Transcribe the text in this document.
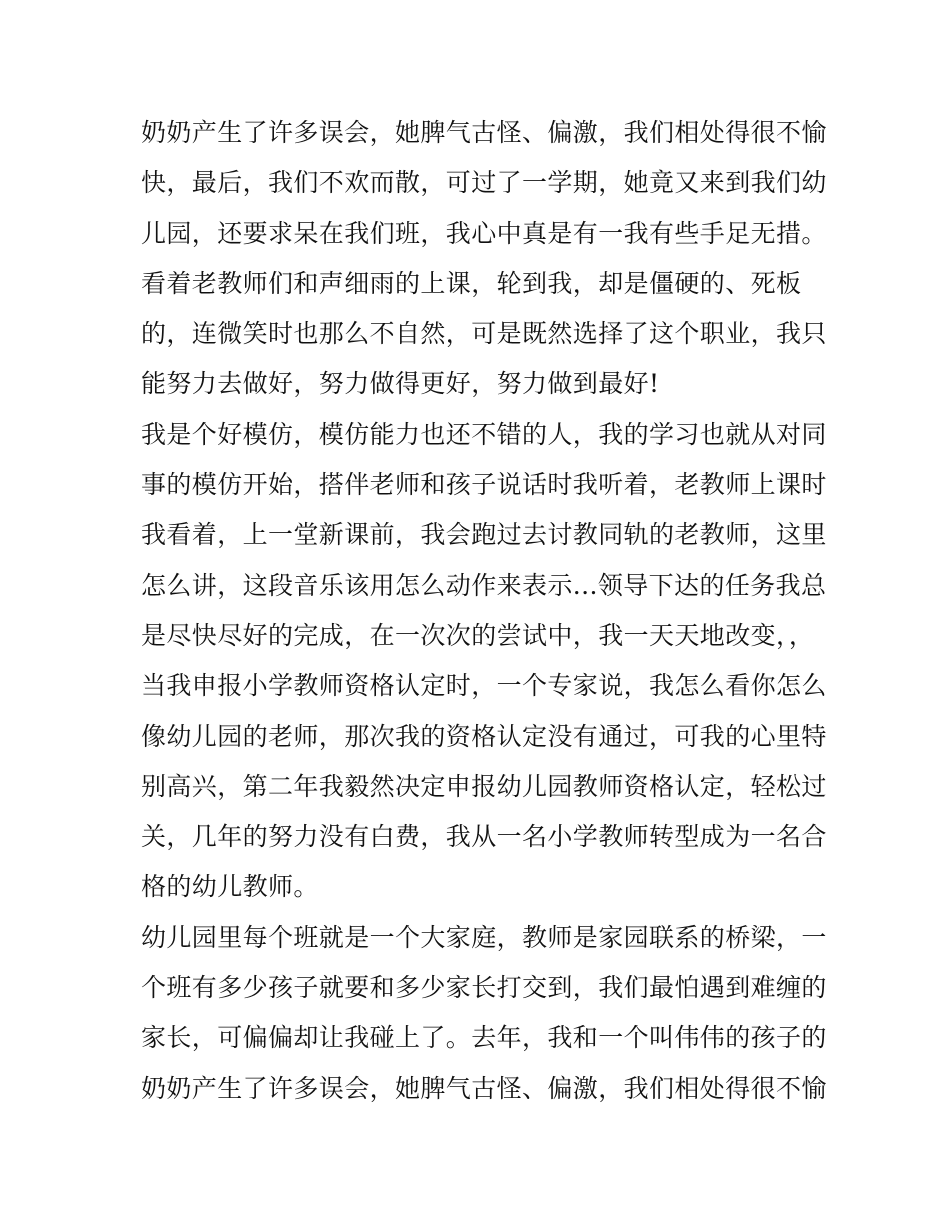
奶奶产生了许多误会，她脾气古怪、偏激，我们相处得很不愉
快，最后，我们不欢而散，可过了一学期，她竟又来到我们幼
儿园，还要求呆在我们班，我心中真是有一我有些手足无措。
看着老教师们和声细雨的上课，轮到我，却是僵硬的、死板
的，连微笑时也那么不自然，可是既然选择了这个职业，我只
能努力去做好，努力做得更好，努力做到最好!
我是个好模仿，模仿能力也还不错的人，我的学习也就从对同
事的模仿开始，搭伴老师和孩子说话时我听着，老教师上课时
我看着，上一堂新课前，我会跑过去讨教同轨的老教师，这里
怎么讲，这段音乐该用怎么动作来表示...领导下达的任务我总
是尽快尽好的完成，在一次次的尝试中，我一天天地改变，，
当我申报小学教师资格认定时，一个专家说，我怎么看你怎么
像幼儿园的老师，那次我的资格认定没有通过，可我的心里特
别高兴，第二年我毅然决定申报幼儿园教师资格认定，轻松过
关，几年的努力没有白费，我从一名小学教师转型成为一名合
格的幼儿教师。
幼儿园里每个班就是一个大家庭，教师是家园联系的桥梁，一
个班有多少孩子就要和多少家长打交到，我们最怕遇到难缠的
家长，可偏偏却让我碰上了。去年，我和一个叫伟伟的孩子的
奶奶产生了许多误会，她脾气古怪、偏激，我们相处得很不愉
